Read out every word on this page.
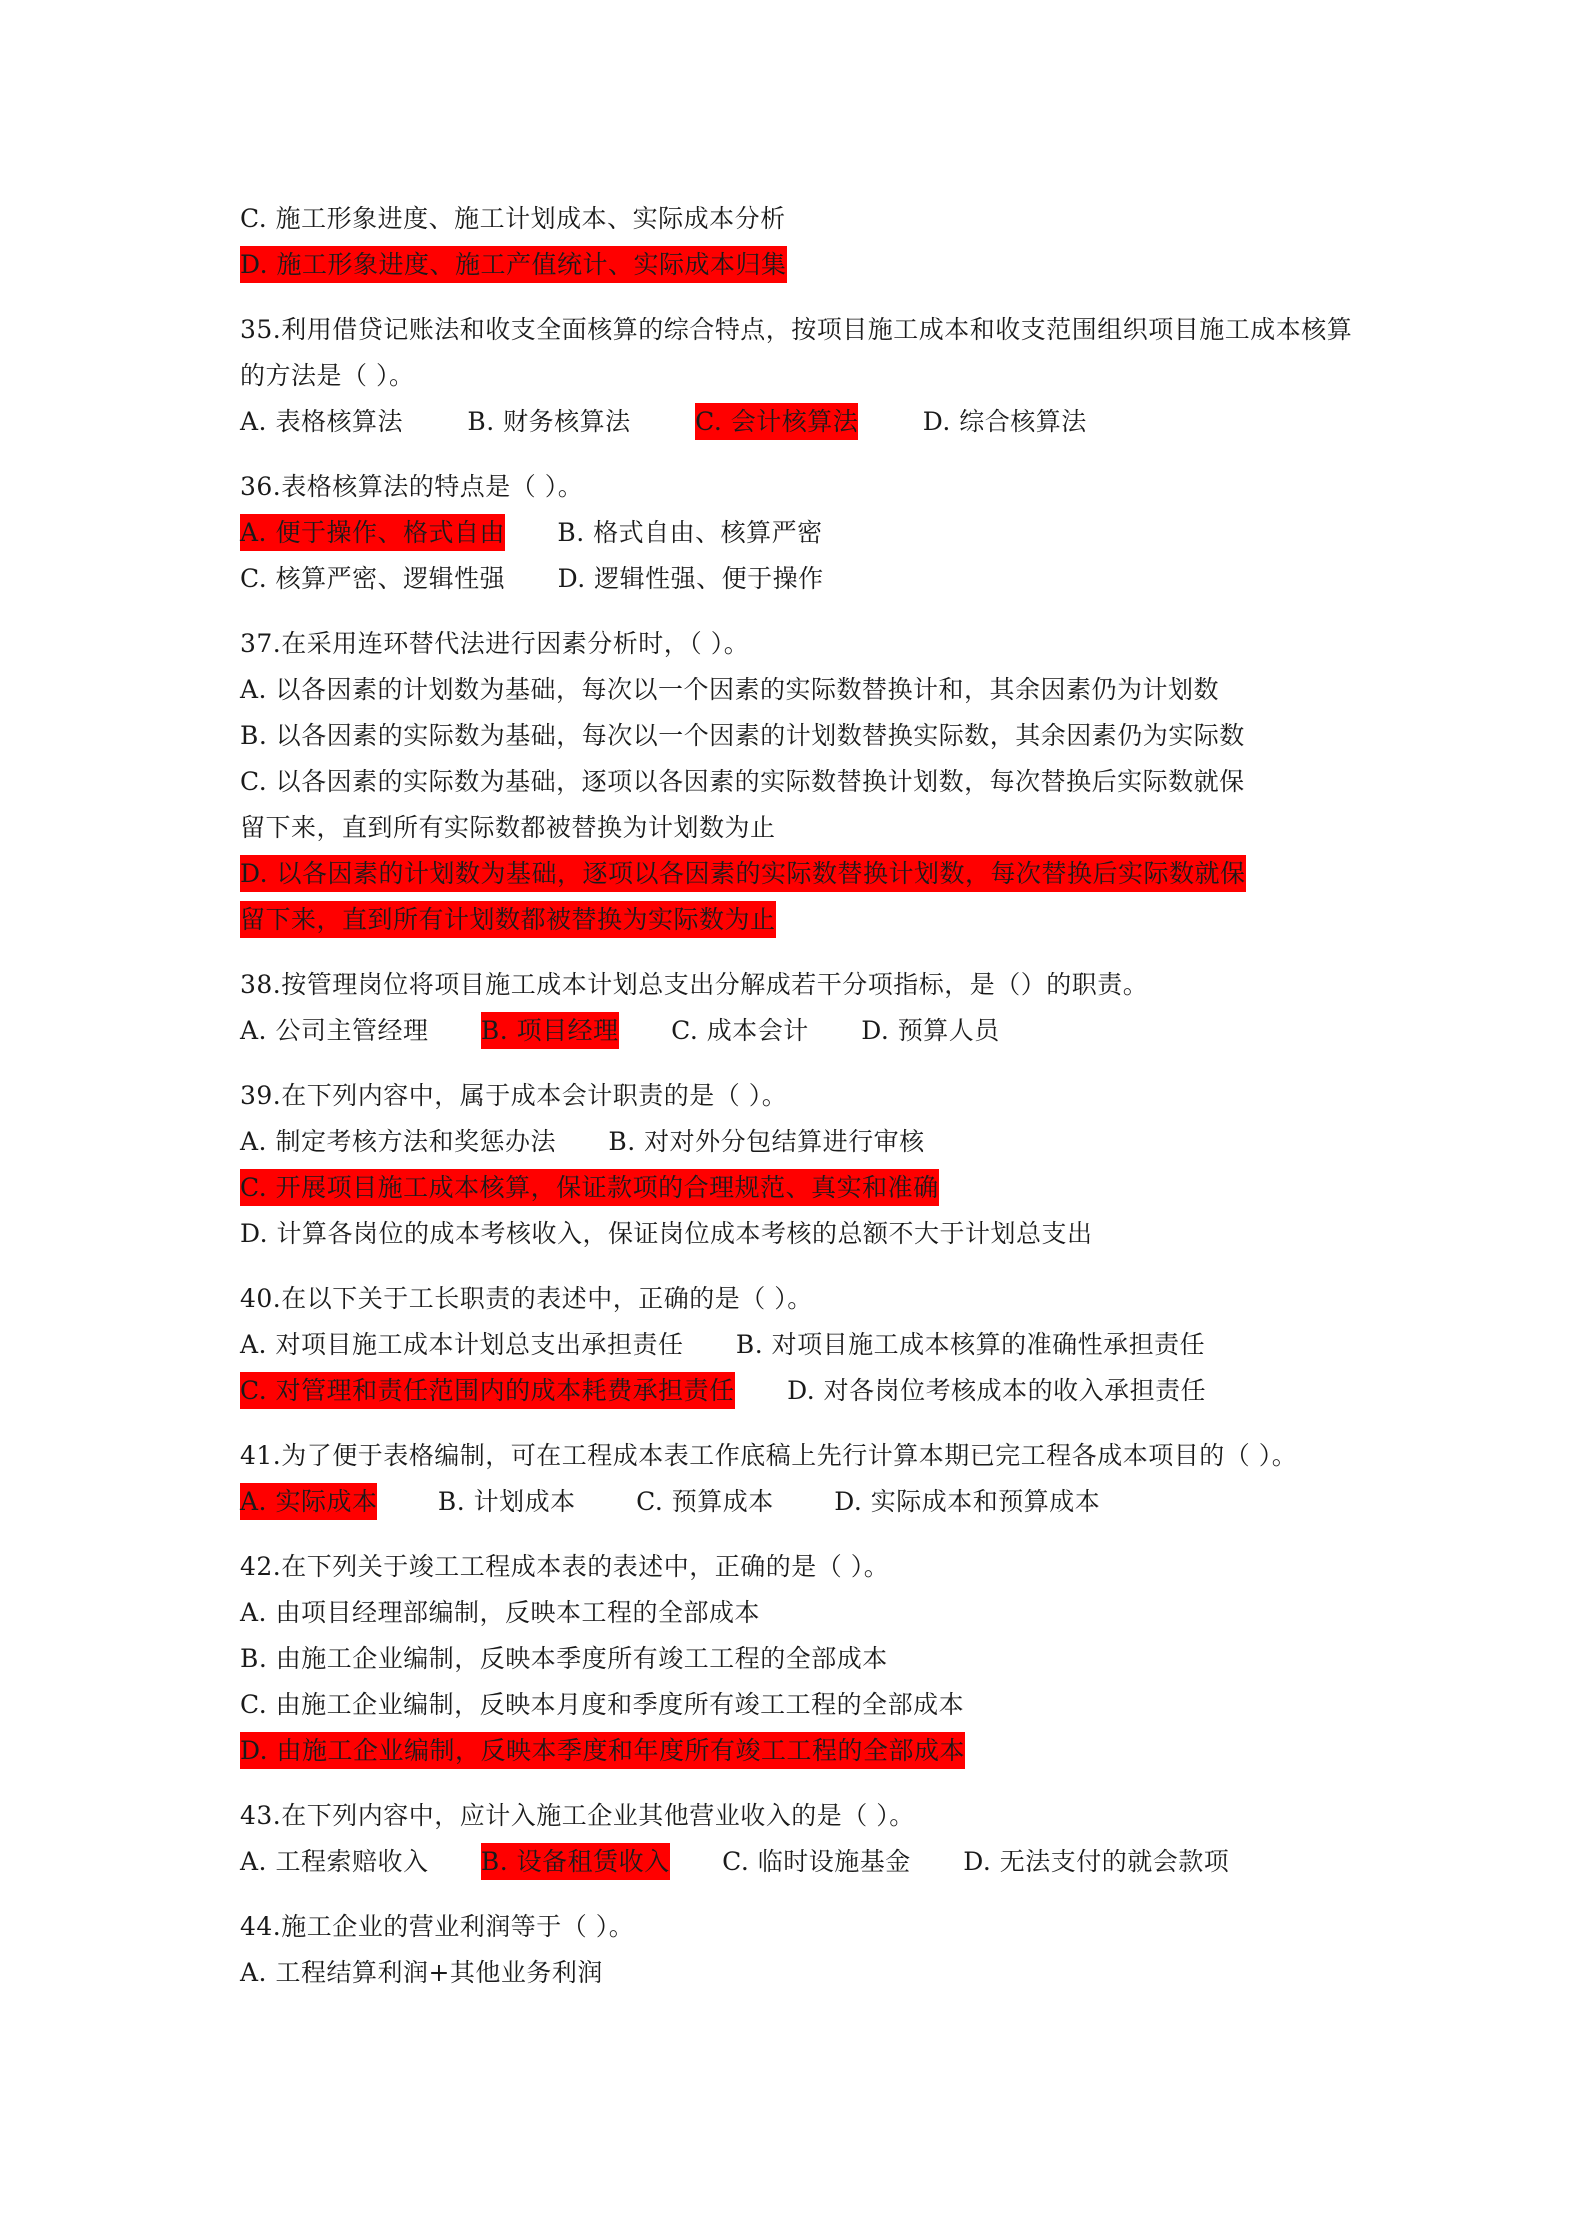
C. 施工形象进度、施工计划成本、实际成本分析
D. 施工形象进度、施工产值统计、实际成本归集
35.利用借贷记账法和收支全面核算的综合特点，按项目施工成本和收支范围组织项目施工成本核算的方法是（ ）。
A. 表格核算法	B. 财务核算法	C. 会计核算法	D. 综合核算法
36.表格核算法的特点是（ ）。
A. 便于操作、格式自由 B. 格式自由、核算严密
C. 核算严密、逻辑性强 D. 逻辑性强、便于操作
37.在采用连环替代法进行因素分析时，（ ）。
A. 以各因素的计划数为基础，每次以一个因素的实际数替换计和，其余因素仍为计划数
B. 以各因素的实际数为基础，每次以一个因素的计划数替换实际数，其余因素仍为实际数
C. 以各因素的实际数为基础，逐项以各因素的实际数替换计划数，每次替换后实际数就保
留下来，直到所有实际数都被替换为计划数为止
D. 以各因素的计划数为基础，逐项以各因素的实际数替换计划数，每次替换后实际数就保
留下来，直到所有计划数都被替换为实际数为止
38.按管理岗位将项目施工成本计划总支出分解成若干分项指标，是（）的职责。
A. 公司主管经理 B. 项目经理 C. 成本会计 D. 预算人员
39.在下列内容中，属于成本会计职责的是（ ）。
A. 制定考核方法和奖惩办法 B. 对对外分包结算进行审核
C. 开展项目施工成本核算，保证款项的合理规范、真实和准确
D. 计算各岗位的成本考核收入，保证岗位成本考核的总额不大于计划总支出
40.在以下关于工长职责的表述中，正确的是（ ）。
A. 对项目施工成本计划总支出承担责任 B. 对项目施工成本核算的准确性承担责任
C. 对管理和责任范围内的成本耗费承担责任 D. 对各岗位考核成本的收入承担责任
41.为了便于表格编制，可在工程成本表工作底稿上先行计算本期已完工程各成本项目的（ ）。
A. 实际成本 B. 计划成本 C. 预算成本 D. 实际成本和预算成本
42.在下列关于竣工工程成本表的表述中，正确的是（ ）。
A. 由项目经理部编制，反映本工程的全部成本
B. 由施工企业编制，反映本季度所有竣工工程的全部成本
C. 由施工企业编制，反映本月度和季度所有竣工工程的全部成本
D. 由施工企业编制，反映本季度和年度所有竣工工程的全部成本
43.在下列内容中，应计入施工企业其他营业收入的是（ ）。
A. 工程索赔收入 B. 设备租赁收入 C. 临时设施基金 D. 无法支付的就会款项
44.施工企业的营业利润等于（ ）。
A. 工程结算利润+其他业务利润
